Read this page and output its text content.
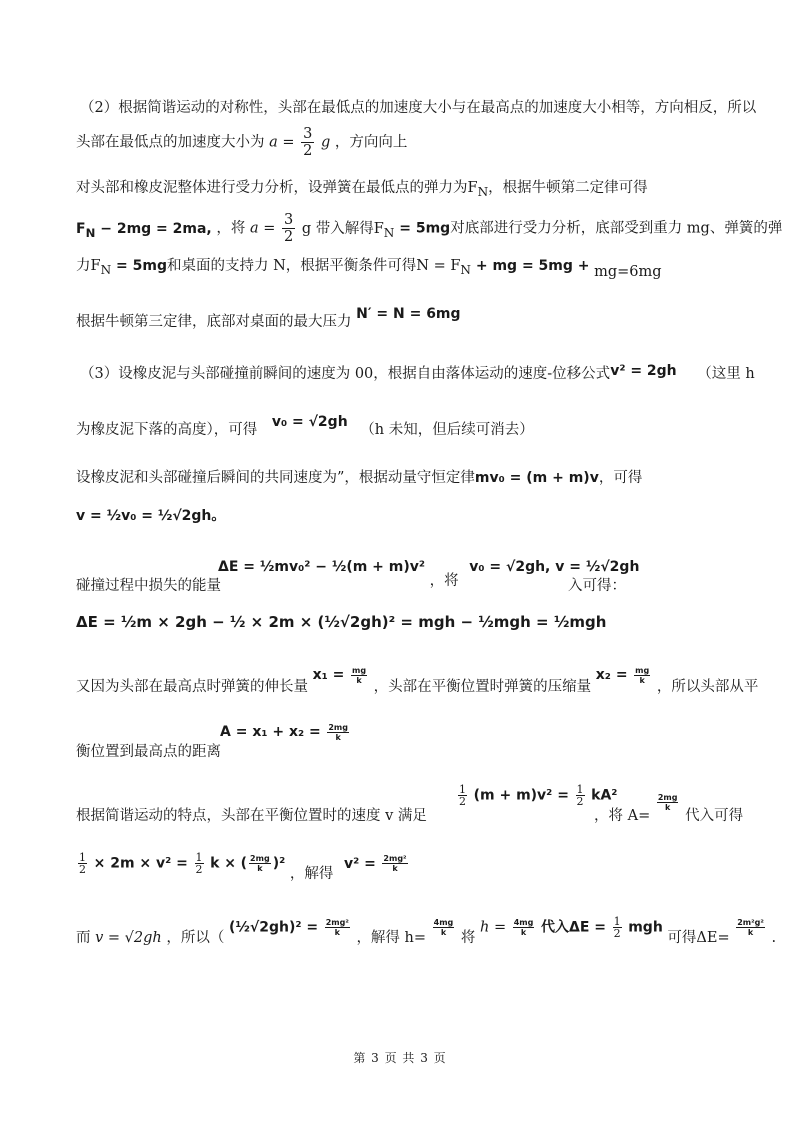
（2）根据简谐运动的对称性，头部在最低点的加速度大小与在最高点的加速度大小相等，方向相反，所以
头部在最低点的加速度大小为 $a = \frac{3}{2}$ g ，方向向上
对头部和橡皮泥整体进行受力分析，设弹簧在最低点的弹力为$F_N$，根据牛顿第二定律可得
$F_N - 2mg = 2ma$, ，将 $a = \frac{3}{2}$ g 带入解得$F_N = 5mg$对底部进行受力分析，底部受到重力 mg、弹簧的弹
力$F_N = 5mg$和桌面的支持力 N，根据平衡条件可得$N = F_N$ + mg = 5mg + mg=6mg
根据牛顿第三定律，底部对桌面的最大压力 N′ = N = 6mg
（3）设橡皮泥与头部碰撞前瞬间的速度为 00，根据自由落体运动的速度-位移公式v² = 2gh （这里 h
为橡皮泥下落的高度），可得 v₀ = √2gh （h 未知，但后续可消去）
设橡皮泥和头部碰撞后瞬间的共同速度为”，根据动量守恒定律mv₀ = (m + m)v，可得
v = ½v₀ = ½√2gh。
ΔE = ½mv₀² − ½(m + m)v² ，将 v₀ = √2gh, v = ½√2gh
碰撞过程中损失的能量	入可得：
ΔE = ½m × 2gh − ½ × 2m × (½√2gh)² = mgh − ½mgh = ½mgh
又因为头部在最高点时弹簧的伸长量 $x_1 = \frac{mg}{k}$
，头部在平衡位置时弹簧的压缩量 $x_2 = \frac{mg}{k}$
，所以头部从平
$A = x_1 + x_2 = \frac{2mg}{k}$
衡位置到最高点的距离
$\frac{1}{2} (m + m)v^2 = \frac{1}{2} kA^2$
根据简谐运动的特点，头部在平衡位置时的速度 v 满足	，将 A=
$\frac{2mg}{k}$
代入可得
$\frac{1}{2} \times 2m \times v^2 = \frac{1}{2}$ k × ( $\frac{2mg}{k} )^2$ ，解得 $v^2 = \frac{\text{2mg²}}{k}$
而 v = √2gh ，所以（ (½√2gh)² = $\frac{\text{2mg²}}{k}$
，解得 h=
$\frac{4mg}{k}$
将 $h = \frac{4mg}{k}$ 代入$\Delta E = \frac{1}{2}$ mgh 可得ΔE=
$\frac{\text{2m²g²}}{k}$
.
第 3 页 共 3 页
